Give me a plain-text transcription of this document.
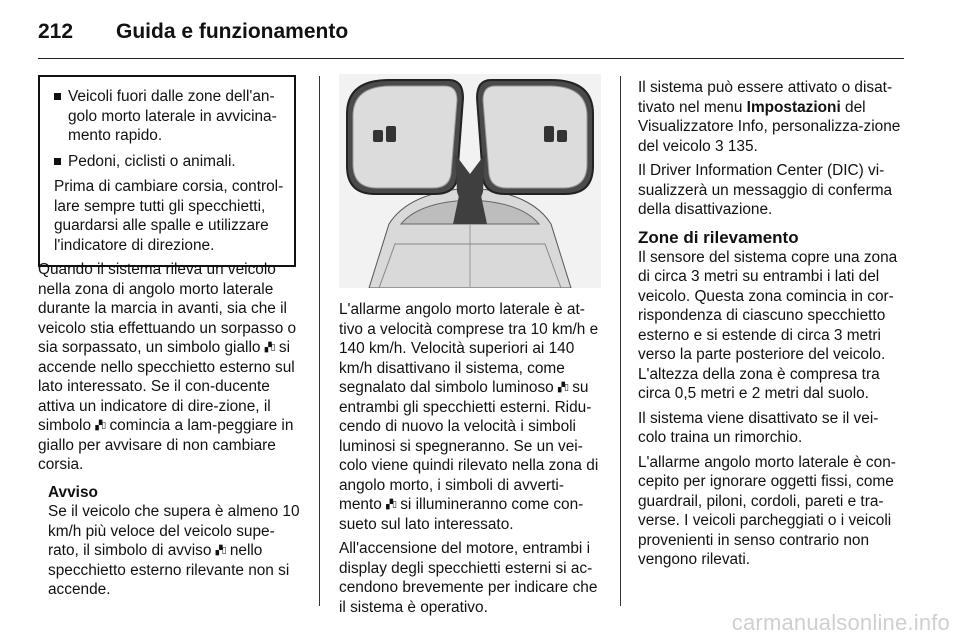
212 Guida e funzionamento
Veicoli fuori dalle zone dell'an-golo morto laterale in avvicina-mento rapido.
Pedoni, ciclisti o animali.

Prima di cambiare corsia, control-lare sempre tutti gli specchietti, guardarsi alle spalle e utilizzare l'indicatore di direzione.

Quando il sistema rileva un veicolo nella zona di angolo morto laterale durante la marcia in avanti, sia che il veicolo stia effettuando un sorpasso o sia sorpassato, un simbolo giallo ▞▯ si accende nello specchietto esterno sul lato interessato. Se il con-ducente attiva un indicatore di dire-zione, il simbolo ▞▯ comincia a lam-peggiare in giallo per avvisare di non cambiare corsia.

Avviso
Se il veicolo che supera è almeno 10 km/h più veloce del veicolo supe-rato, il simbolo di avviso ▞▯ nello specchietto esterno rilevante non si accende.

L'allarme angolo morto laterale è at-tivo a velocità comprese tra 10 km/h e 140 km/h. Velocità superiori ai 140 km/h disattivano il sistema, come segnalato dal simbolo luminoso ▞▯ su entrambi gli specchietti esterni. Ridu-cendo di nuovo la velocità i simboli luminosi si spegneranno. Se un vei-colo viene quindi rilevato nella zona di angolo morto, i simboli di avverti-mento ▞▯ si illumineranno come con-sueto sul lato interessato.

All'accensione del motore, entrambi i display degli specchietti esterni si ac-cendono brevemente per indicare che il sistema è operativo.

Il sistema può essere attivato o disat-tivato nel menu Impostazioni del Visualizzatore Info, personalizza-zione del veicolo 3 135.

Il Driver Information Center (DIC) vi-sualizzerà un messaggio di conferma della disattivazione.

Zone di rilevamento

Il sensore del sistema copre una zona di circa 3 metri su entrambi i lati del veicolo. Questa zona comincia in cor-rispondenza di ciascuno specchietto esterno e si estende di circa 3 metri verso la parte posteriore del veicolo. L'altezza della zona è compresa tra circa 0,5 metri e 2 metri dal suolo.

Il sistema viene disattivato se il vei-colo traina un rimorchio.

L'allarme angolo morto laterale è con-cepito per ignorare oggetti fissi, come guardrail, piloni, cordoli, pareti e tra-verse. I veicoli parcheggiati o i veicoli provenienti in senso contrario non vengono rilevati.

carmanualsonline.info
